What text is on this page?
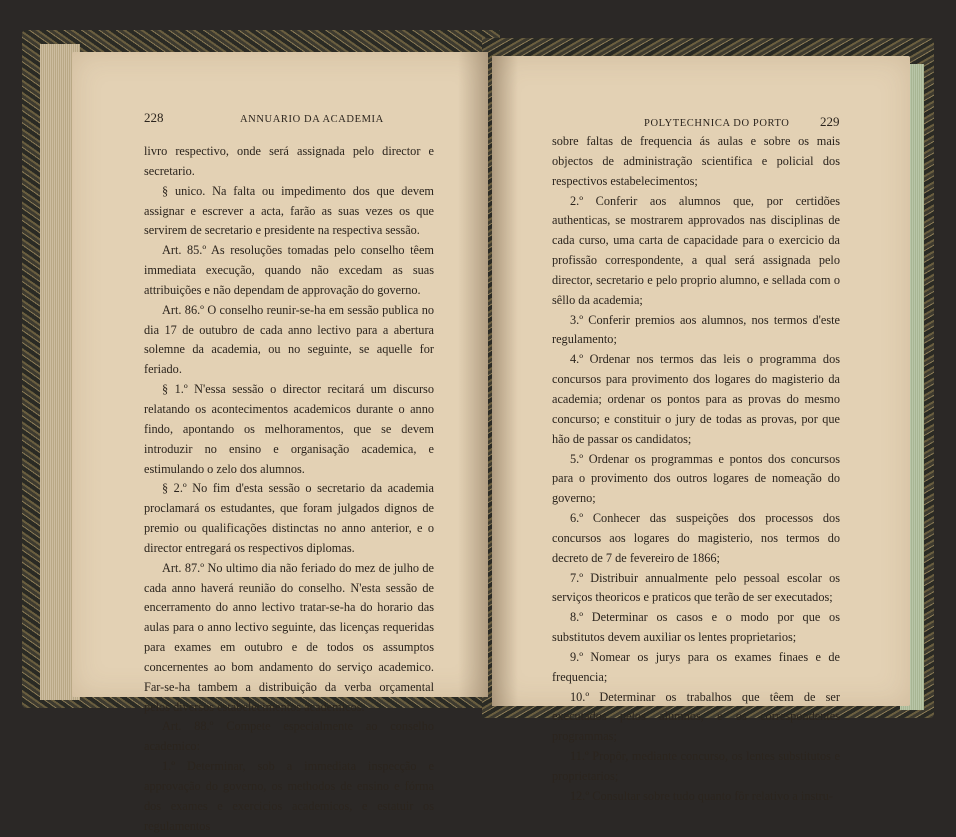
228	ANNUARIO DA ACADEMIA

livro respectivo, onde será assignada pelo director e secretario.

§ unico. Na falta ou impedimento dos que devem assignar e escrever a acta, farão as suas vezes os que servirem de secretario e presidente na respectiva sessão.

Art. 85.º As resoluções tomadas pelo conselho têem immediata execução, quando não excedam as suas attribuições e não dependam de approvação do governo.

Art. 86.º O conselho reunir-se-ha em sessão publica no dia 17 de outubro de cada anno lectivo para a abertura solemne da academia, ou no seguinte, se aquelle for feriado.

§ 1.º N'essa sessão o director recitará um discurso relatando os acontecimentos academicos durante o anno findo, apontando os melhoramentos, que se devem introduzir no ensino e organisação academica, e estimulando o zelo dos alumnos.

§ 2.º No fim d'esta sessão o secretario da academia proclamará os estudantes, que foram julgados dignos de premio ou qualificações distinctas no anno anterior, e o director entregará os respectivos diplomas.

Art. 87.º No ultimo dia não feriado do mez de julho de cada anno haverá reunião do conselho. N'esta sessão de encerramento do anno lectivo tratar-se-ha do horario das aulas para o anno lectivo seguinte, das licenças requeridas para exames em outubro e de todos os assumptos concernentes ao bom andamento do serviço academico. Far-se-ha tambem a distribuição da verba orçamental pelos diversos estabelecimentos academicos.

Art. 88.º Compete especialmente ao conselho academico:

1.º Determinar, sob a immediata inspecção e approvação do governo, os methodos de ensino e fórma dos exames e exercicios academicos, e estatuir os regulamentos

POLYTECHNICA DO PORTO 229

sobre faltas de frequencia ás aulas e sobre os mais objectos de administração scientifica e policial dos respectivos estabelecimentos;

2.º Conferir aos alumnos que, por certidões authenticas, se mostrarem approvados nas disciplinas de cada curso, uma carta de capacidade para o exercicio da profissão correspondente, a qual será assignada pelo director, secretario e pelo proprio alumno, e sellada com o sêllo da academia;

3.º Conferir premios aos alumnos, nos termos d'este regulamento;

4.º Ordenar nos termos das leis o programma dos concursos para provimento dos logares do magisterio da academia; ordenar os pontos para as provas do mesmo concurso; e constituir o jury de todas as provas, por que hão de passar os candidatos;

5.º Ordenar os programmas e pontos dos concursos para o provimento dos outros logares de nomeação do governo;

6.º Conhecer das suspeições dos processos dos concursos aos logares do magisterio, nos termos do decreto de 7 de fevereiro de 1866;

7.º Distribuir annualmente pelo pessoal escolar os serviços theoricos e praticos que terão de ser executados;

8.º Determinar os casos e o modo por que os substitutos devem auxiliar os lentes proprietarios;

9.º Nomear os jurys para os exames finaes e de frequencia;

10.º Determinar os trabalhos que têem de ser executados pelos alumnos, e os correspondentes programmas;

11.º Propôr, mediante concurso, os lentes substitutos e proprietarios;

12.º Consultar sobre tudo quanto fôr relativo a instru-
